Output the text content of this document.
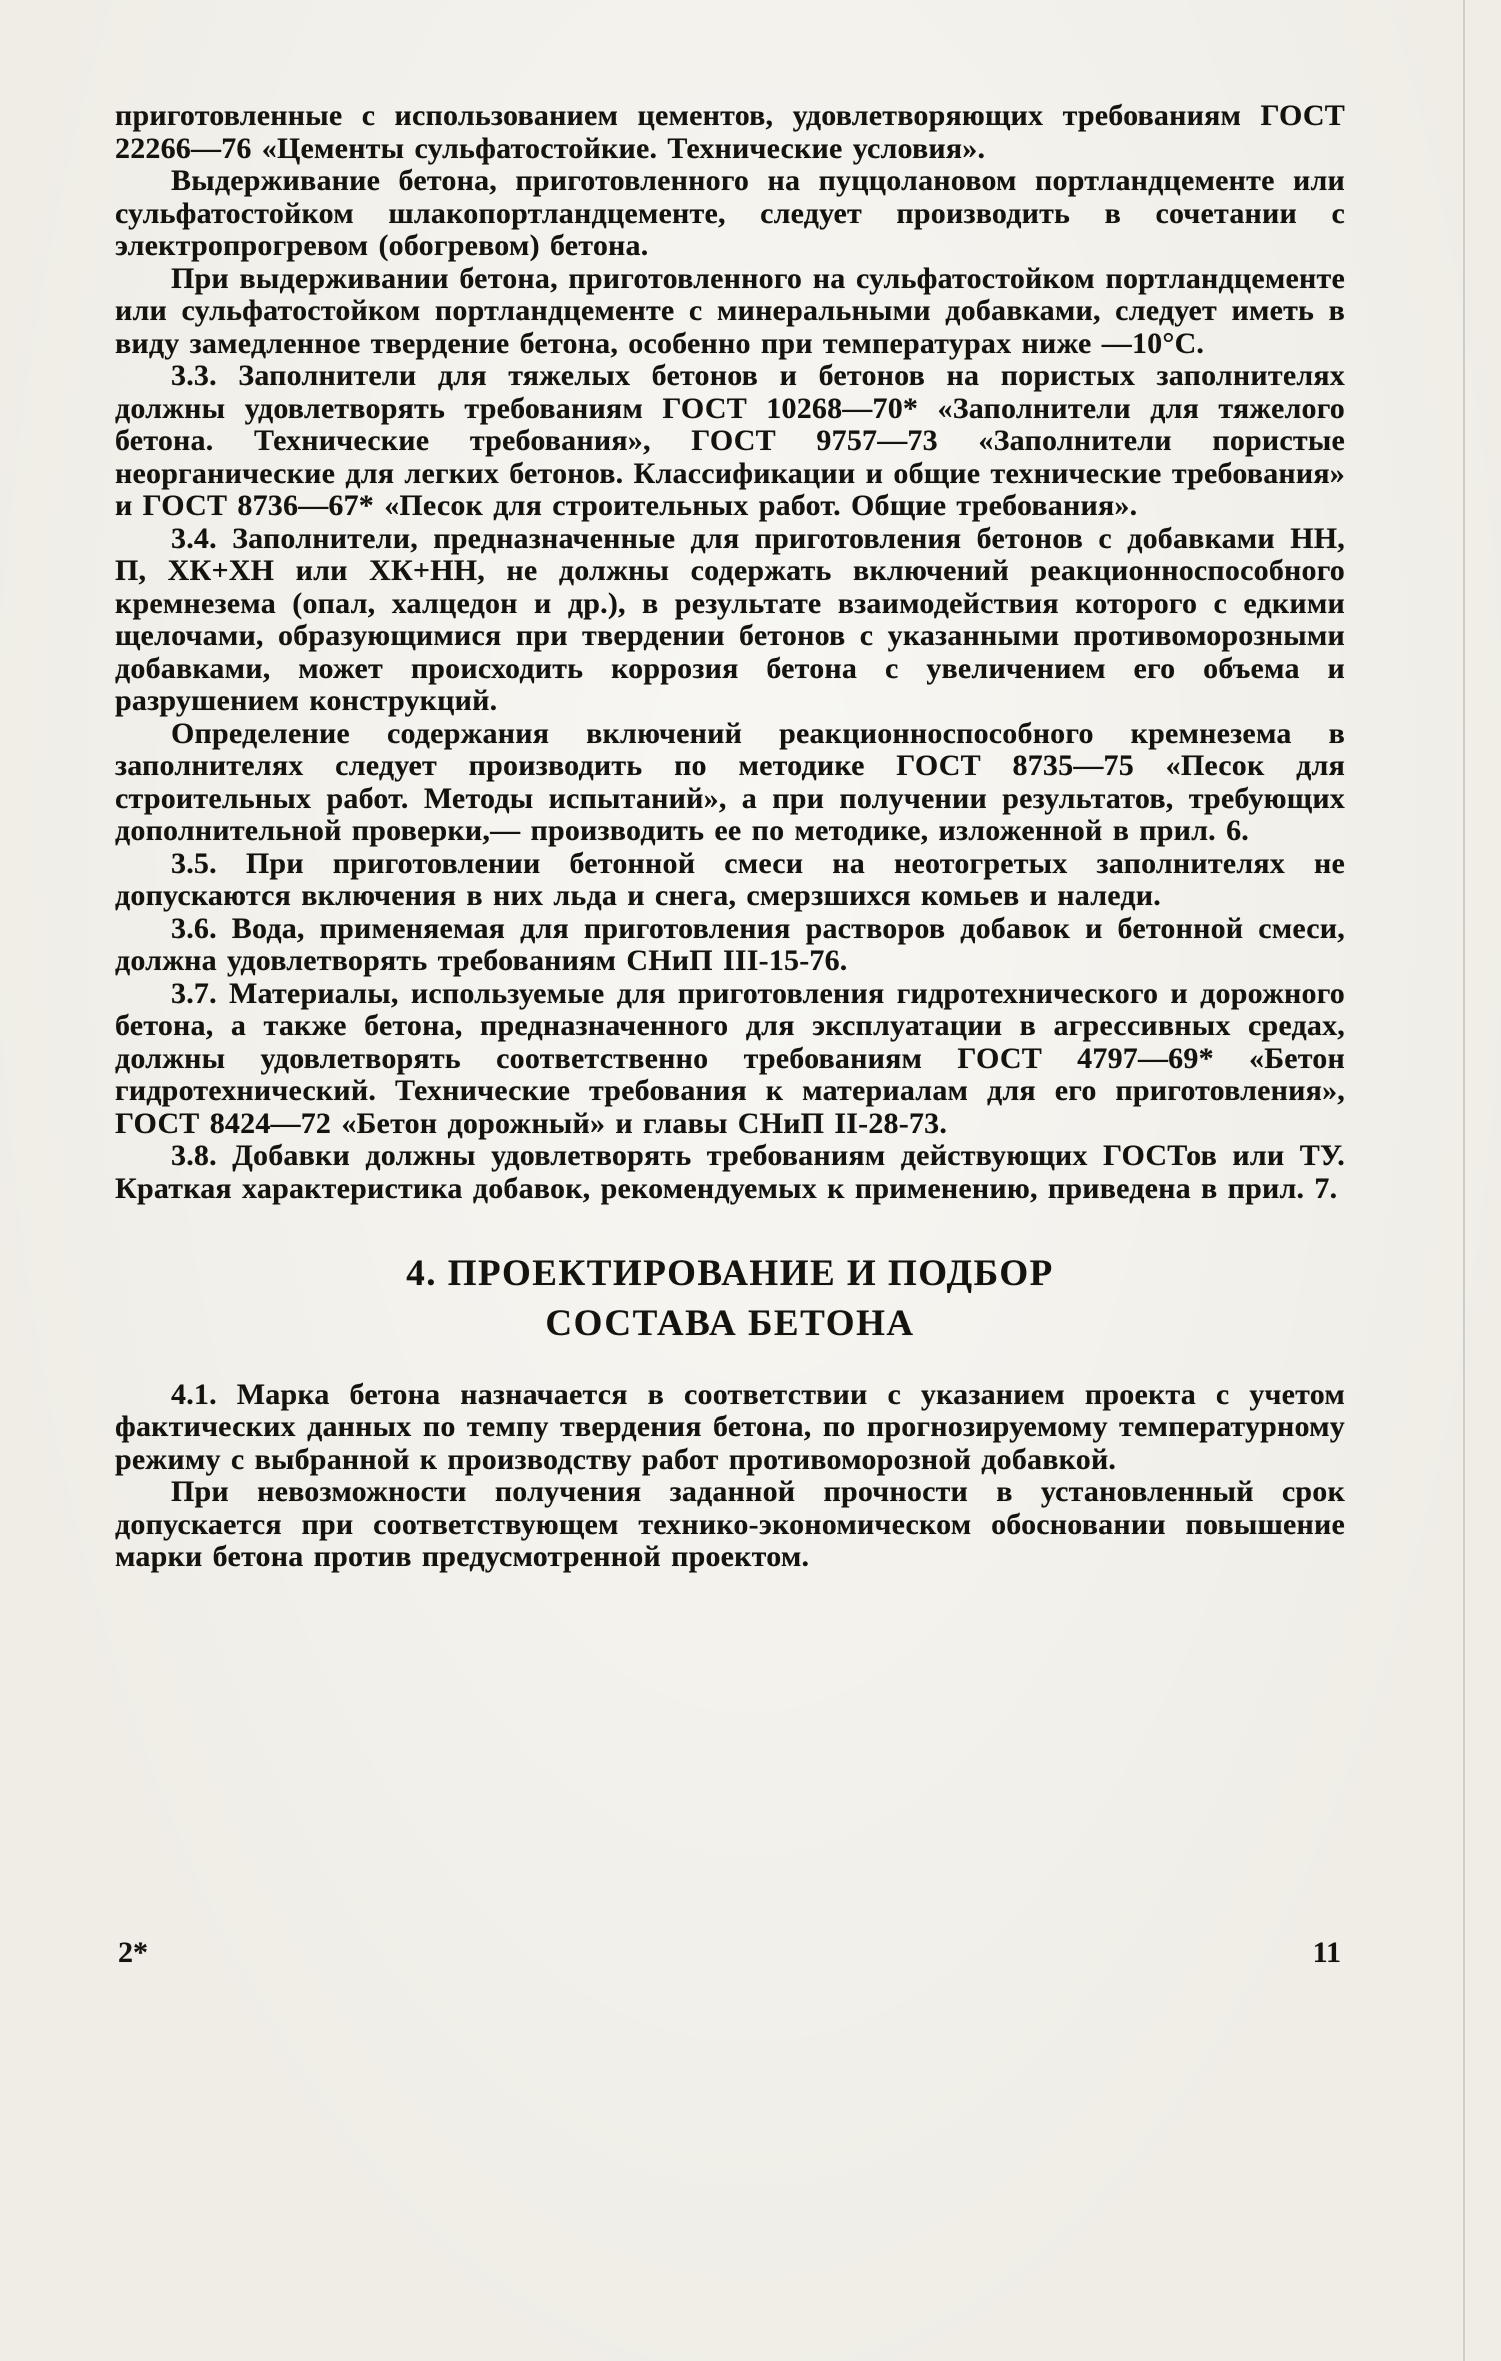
приготовленные с использованием цементов, удовлетворяющих требованиям ГОСТ 22266—76 «Цементы сульфатостойкие. Технические условия».

Выдерживание бетона, приготовленного на пуццолановом портландцементе или сульфатостойком шлакопортландцементе, следует производить в сочетании с электропрогревом (обогревом) бетона.

При выдерживании бетона, приготовленного на сульфатостойком портландцементе или сульфатостойком портландцементе с минеральными добавками, следует иметь в виду замедленное твердение бетона, особенно при температурах ниже —10°С.

3.3. Заполнители для тяжелых бетонов и бетонов на пористых заполнителях должны удовлетворять требованиям ГОСТ 10268—70* «Заполнители для тяжелого бетона. Технические требования», ГОСТ 9757—73 «Заполнители пористые неорганические для легких бетонов. Классификации и общие технические требования» и ГОСТ 8736—67* «Песок для строительных работ. Общие требования».

3.4. Заполнители, предназначенные для приготовления бетонов с добавками НН, П, ХК+ХН или ХК+НН, не должны содержать включений реакционноспособного кремнезема (опал, халцедон и др.), в результате взаимодействия которого с едкими щелочами, образующимися при твердении бетонов с указанными противоморозными добавками, может происходить коррозия бетона с увеличением его объема и разрушением конструкций.

Определение содержания включений реакционноспособного кремнезема в заполнителях следует производить по методике ГОСТ 8735—75 «Песок для строительных работ. Методы испытаний», а при получении результатов, требующих дополнительной проверки,— производить ее по методике, изложенной в прил. 6.

3.5. При приготовлении бетонной смеси на неотогретых заполнителях не допускаются включения в них льда и снега, смерзшихся комьев и наледи.

3.6. Вода, применяемая для приготовления растворов добавок и бетонной смеси, должна удовлетворять требованиям СНиП III-15-76.

3.7. Материалы, используемые для приготовления гидротехнического и дорожного бетона, а также бетона, предназначенного для эксплуатации в агрессивных средах, должны удовлетворять соответственно требованиям ГОСТ 4797—69* «Бетон гидротехнический. Технические требования к материалам для его приготовления», ГОСТ 8424—72 «Бетон дорожный» и главы СНиП II-28-73.

3.8. Добавки должны удовлетворять требованиям действующих ГОСТов или ТУ. Краткая характеристика добавок, рекомендуемых к применению, приведена в прил. 7.

4. ПРОЕКТИРОВАНИЕ И ПОДБОР
СОСТАВА БЕТОНА

4.1. Марка бетона назначается в соответствии с указанием проекта с учетом фактических данных по темпу твердения бетона, по прогнозируемому температурному режиму с выбранной к производству работ противоморозной добавкой.

При невозможности получения заданной прочности в установленный срок допускается при соответствующем технико-экономическом обосновании повышение марки бетона против предусмотренной проектом.

2*	11
